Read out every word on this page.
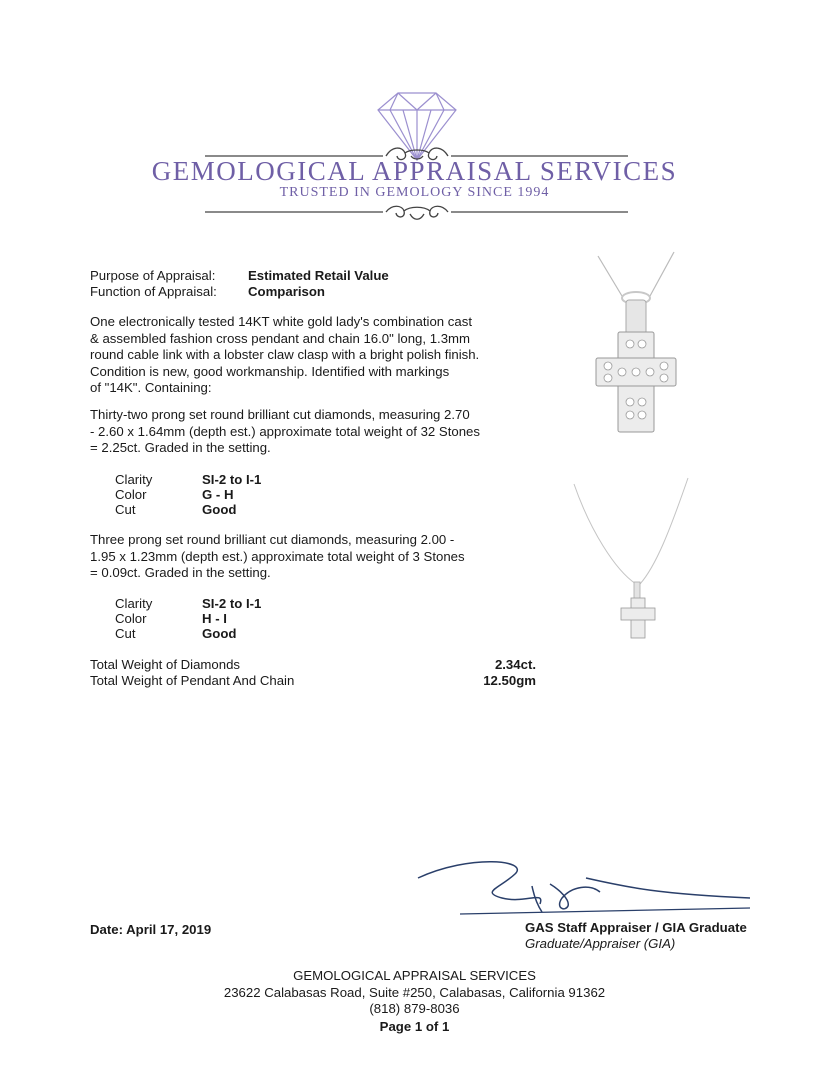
GEMOLOGICAL APPRAISAL SERVICES
TRUSTED IN GEMOLOGY SINCE 1994
Purpose of Appraisal: Estimated Retail Value
Function of Appraisal: Comparison
One electronically tested 14KT white gold lady's combination cast
& assembled fashion cross pendant and chain 16.0" long, 1.3mm
round cable link with a lobster claw clasp with a bright polish finish.
Condition is new, good workmanship. Identified with markings
of "14K". Containing:
Thirty-two prong set round brilliant cut diamonds, measuring 2.70
- 2.60 x 1.64mm (depth est.) approximate total weight of 32 Stones
= 2.25ct. Graded in the setting.
Clarity	SI-2 to I-1
Color	G - H
Cut	Good
Three prong set round brilliant cut diamonds, measuring 2.00 -
1.95 x 1.23mm (depth est.) approximate total weight of 3 Stones
= 0.09ct. Graded in the setting.
Clarity	SI-2 to I-1
Color	H - I
Cut	Good
Total Weight of Diamonds	2.34ct.
Total Weight of Pendant And Chain	12.50gm
Date: April 17, 2019	GAS Staff Appraiser / GIA Graduate
Graduate/Appraiser (GIA)
GEMOLOGICAL APPRAISAL SERVICES
23622 Calabasas Road, Suite #250, Calabasas, California 91362
(818) 879-8036
Page 1 of 1
